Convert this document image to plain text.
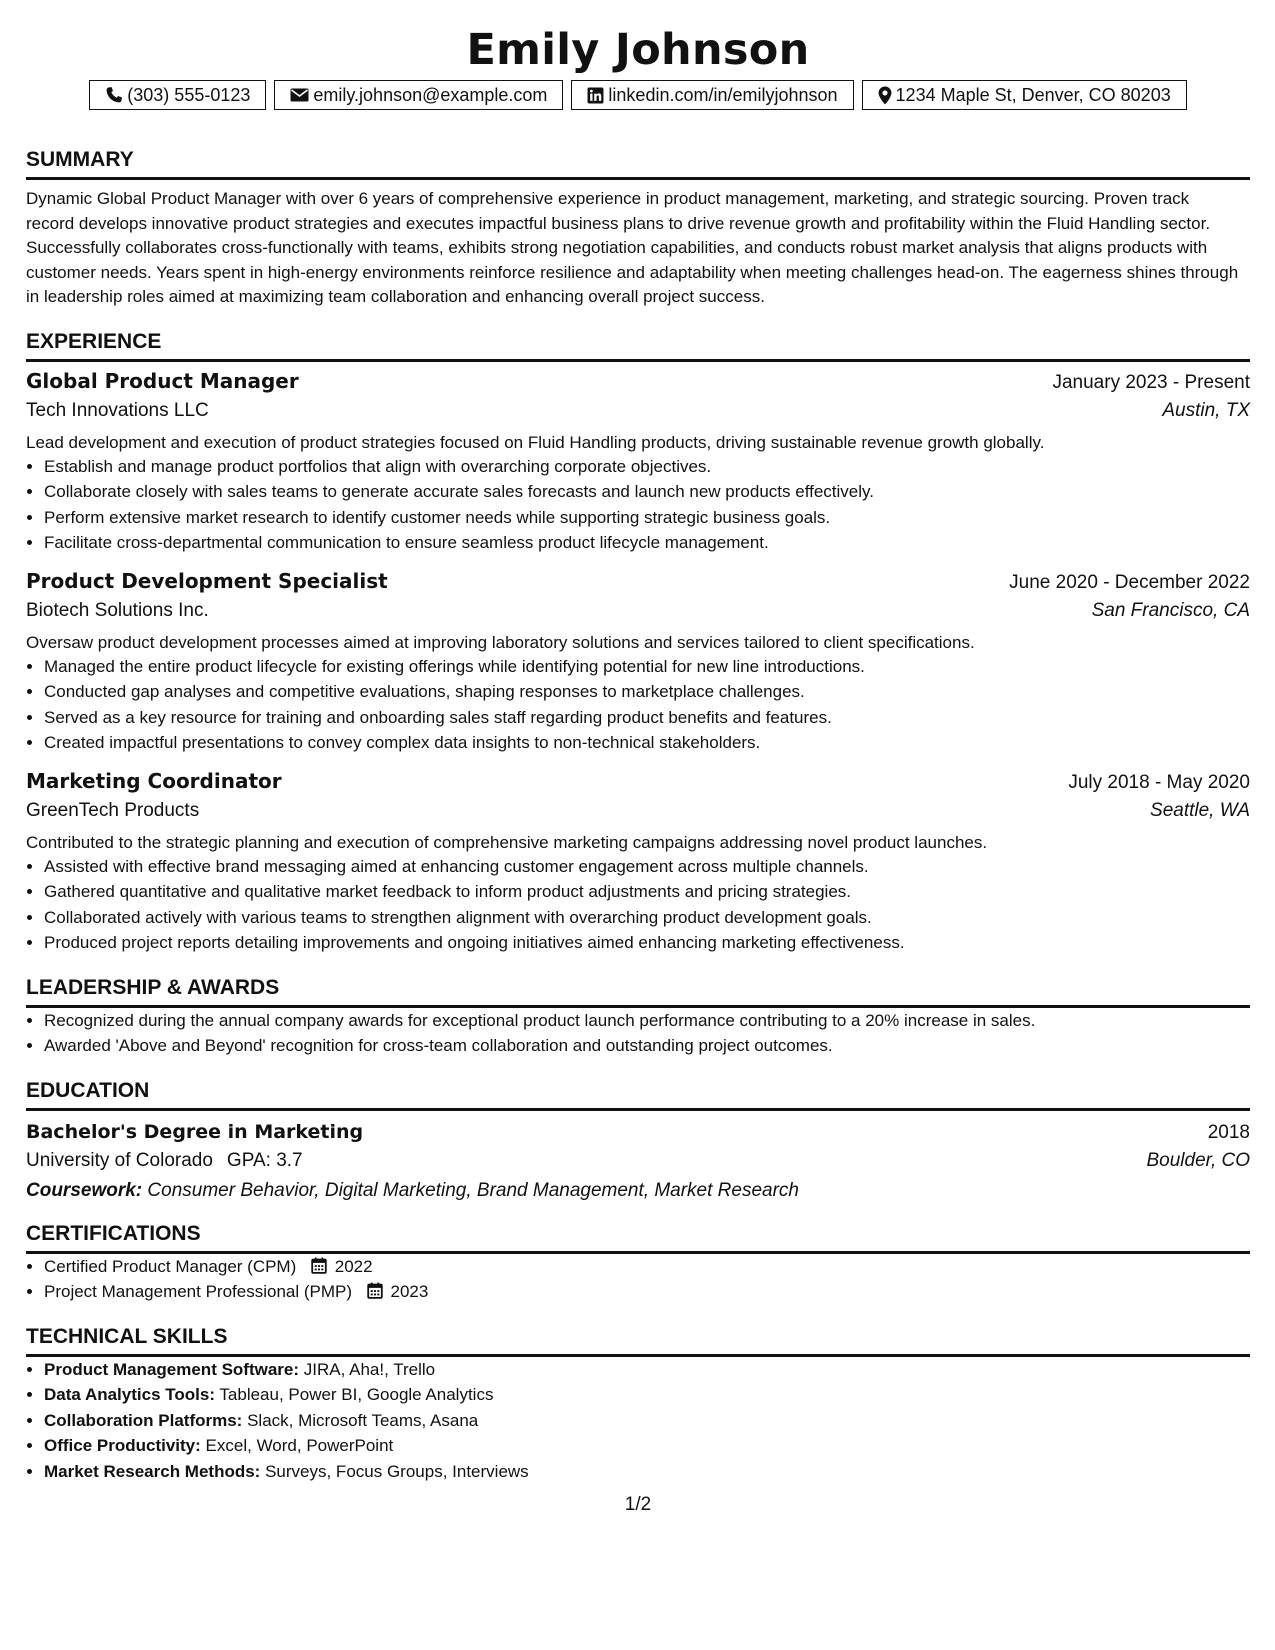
Emily Johnson
(303) 555-0123	emily.johnson@example.com	linkedin.com/in/emilyjohnson	1234 Maple St, Denver, CO 80203
SUMMARY
Dynamic Global Product Manager with over 6 years of comprehensive experience in product management, marketing, and strategic sourcing. Proven track record develops innovative product strategies and executes impactful business plans to drive revenue growth and profitability within the Fluid Handling sector. Successfully collaborates cross-functionally with teams, exhibits strong negotiation capabilities, and conducts robust market analysis that aligns products with customer needs. Years spent in high-energy environments reinforce resilience and adaptability when meeting challenges head-on. The eagerness shines through in leadership roles aimed at maximizing team collaboration and enhancing overall project success.
EXPERIENCE
Global Product Manager	January 2023 - Present
Tech Innovations LLC	Austin, TX
Lead development and execution of product strategies focused on Fluid Handling products, driving sustainable revenue growth globally.
• Establish and manage product portfolios that align with overarching corporate objectives.
• Collaborate closely with sales teams to generate accurate sales forecasts and launch new products effectively.
• Perform extensive market research to identify customer needs while supporting strategic business goals.
• Facilitate cross-departmental communication to ensure seamless product lifecycle management.
Product Development Specialist	June 2020 - December 2022
Biotech Solutions Inc.	San Francisco, CA
Oversaw product development processes aimed at improving laboratory solutions and services tailored to client specifications.
• Managed the entire product lifecycle for existing offerings while identifying potential for new line introductions.
• Conducted gap analyses and competitive evaluations, shaping responses to marketplace challenges.
• Served as a key resource for training and onboarding sales staff regarding product benefits and features.
• Created impactful presentations to convey complex data insights to non-technical stakeholders.
Marketing Coordinator	July 2018 - May 2020
GreenTech Products	Seattle, WA
Contributed to the strategic planning and execution of comprehensive marketing campaigns addressing novel product launches.
• Assisted with effective brand messaging aimed at enhancing customer engagement across multiple channels.
• Gathered quantitative and qualitative market feedback to inform product adjustments and pricing strategies.
• Collaborated actively with various teams to strengthen alignment with overarching product development goals.
• Produced project reports detailing improvements and ongoing initiatives aimed enhancing marketing effectiveness.
LEADERSHIP & AWARDS
• Recognized during the annual company awards for exceptional product launch performance contributing to a 20% increase in sales.
• Awarded 'Above and Beyond' recognition for cross-team collaboration and outstanding project outcomes.
EDUCATION
Bachelor's Degree in Marketing	2018
University of Colorado GPA: 3.7	Boulder, CO
Coursework: Consumer Behavior, Digital Marketing, Brand Management, Market Research
CERTIFICATIONS
• Certified Product Manager (CPM) 2022
• Project Management Professional (PMP) 2023
TECHNICAL SKILLS
• Product Management Software: JIRA, Aha!, Trello
• Data Analytics Tools: Tableau, Power BI, Google Analytics
• Collaboration Platforms: Slack, Microsoft Teams, Asana
• Office Productivity: Excel, Word, PowerPoint
• Market Research Methods: Surveys, Focus Groups, Interviews
1/2
